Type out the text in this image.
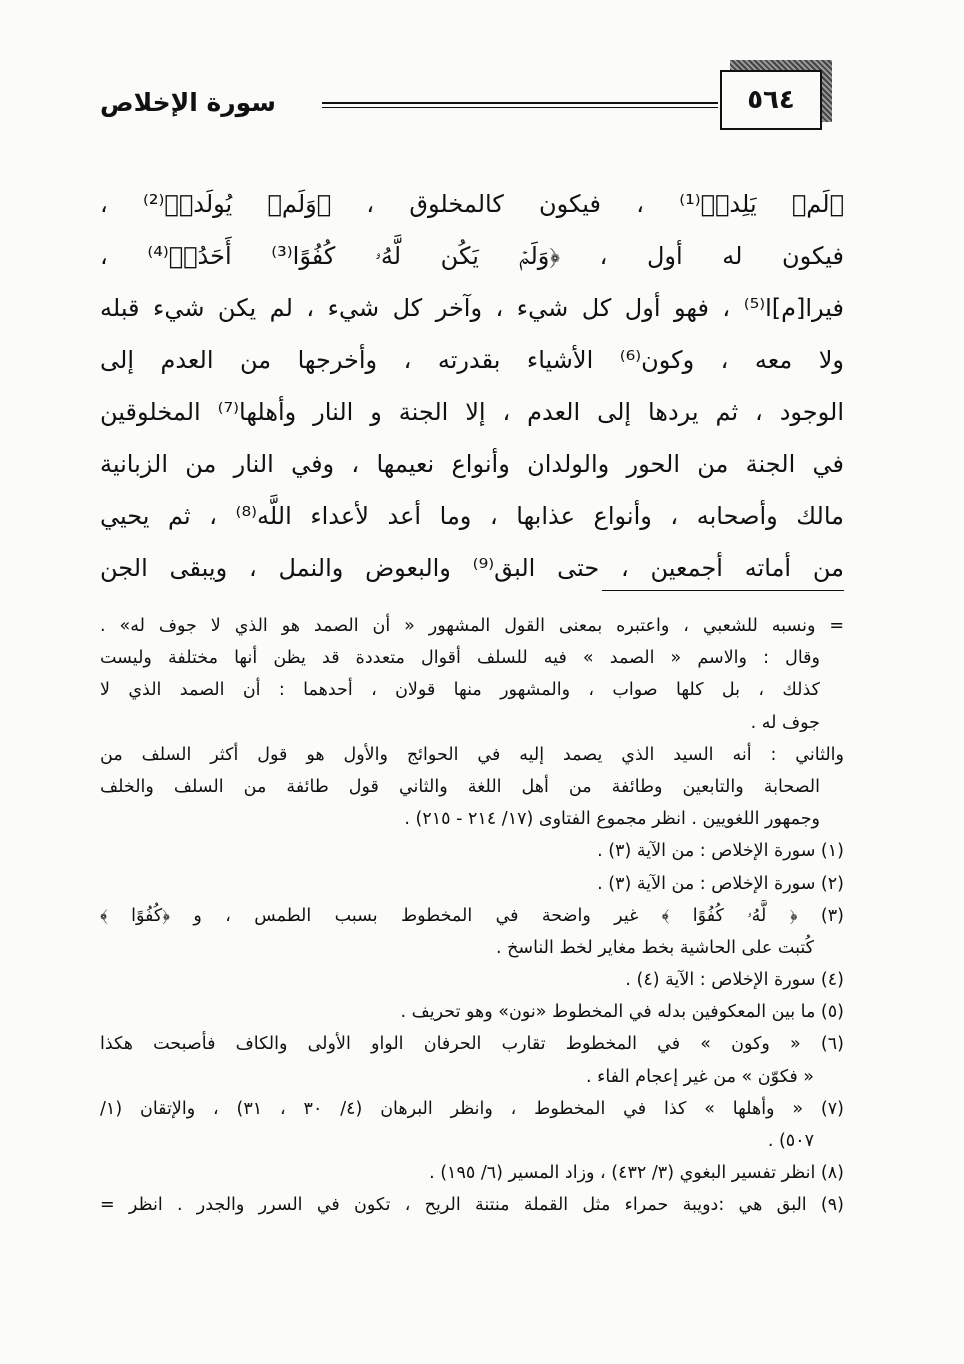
سورة الإخلاص	٥٦٤
﴿لَمۡ يَلِدۡ﴾⁽¹⁾ ، فيكون كالمخلوق ، ﴿وَلَمۡ يُولَدۡ﴾⁽²⁾ ،
فيكون له أول ، ﴿وَلَمۡ يَكُن لَّهُۥ كُفُوًا⁽³⁾ أَحَدُۢ﴾⁽⁴⁾ ،
فيرا[م]ا⁽⁵⁾ ، فهو أول كل شيء ، وآخر كل شيء ، لم يكن شيء قبله
ولا معه ، وكون⁽⁶⁾ الأشياء بقدرته ، وأخرجها من العدم إلى
الوجود ، ثم يردها إلى العدم ، إلا الجنة و النار وأهلها⁽⁷⁾ المخلوقين
في الجنة من الحور والولدان وأنواع نعيمها ، وفي النار من الزبانية
مالك وأصحابه ، وأنواع عذابها ، وما أعد لأعداء اللَّه⁽⁸⁾ ، ثم يحيي
من أماته أجمعين ، حتى البق⁽⁹⁾ والبعوض والنمل ، ويبقى الجن
= ونسبه للشعبي ، واعتبره بمعنى القول المشهور « أن الصمد هو الذي لا جوف له» .
وقال : والاسم « الصمد » فيه للسلف أقوال متعددة قد يظن أنها مختلفة وليست
كذلك ، بل كلها صواب ، والمشهور منها قولان ، أحدهما : أن الصمد الذي لا
جوف له .
والثاني : أنه السيد الذي يصمد إليه في الحوائج والأول هو قول أكثر السلف من
الصحابة والتابعين وطائفة من أهل اللغة والثاني قول طائفة من السلف والخلف
وجمهور اللغويين . انظر مجموع الفتاوى (١٧/ ٢١٤ - ٢١٥) .
(١) سورة الإخلاص : من الآية (٣) .
(٢) سورة الإخلاص : من الآية (٣) .
(٣) ﴿ لَّهُۥ كُفُوًا ﴾ غير واضحة في المخطوط بسبب الطمس ، و ﴿كُفُوًا ﴾
كُتبت على الحاشية بخط مغاير لخط الناسخ .
(٤) سورة الإخلاص : الآية (٤) .
(٥) ما بين المعكوفين بدله في المخطوط «نون» وهو تحريف .
(٦) « وكون » في المخطوط تقارب الحرفان الواو الأولى والكاف فأصبحت هكذا
« فكوّن » من غير إعجام الفاء .
(٧) « وأهلها » كذا في المخطوط ، وانظر البرهان (٤/ ٣٠ ، ٣١) ، والإتقان (١/
٥٠٧) .
(٨) انظر تفسير البغوي (٣/ ٤٣٢) ، وزاد المسير (٦/ ١٩٥) .
(٩) البق هي :دويبة حمراء مثل القملة منتنة الريح ، تكون في السرر والجدر . انظر =
